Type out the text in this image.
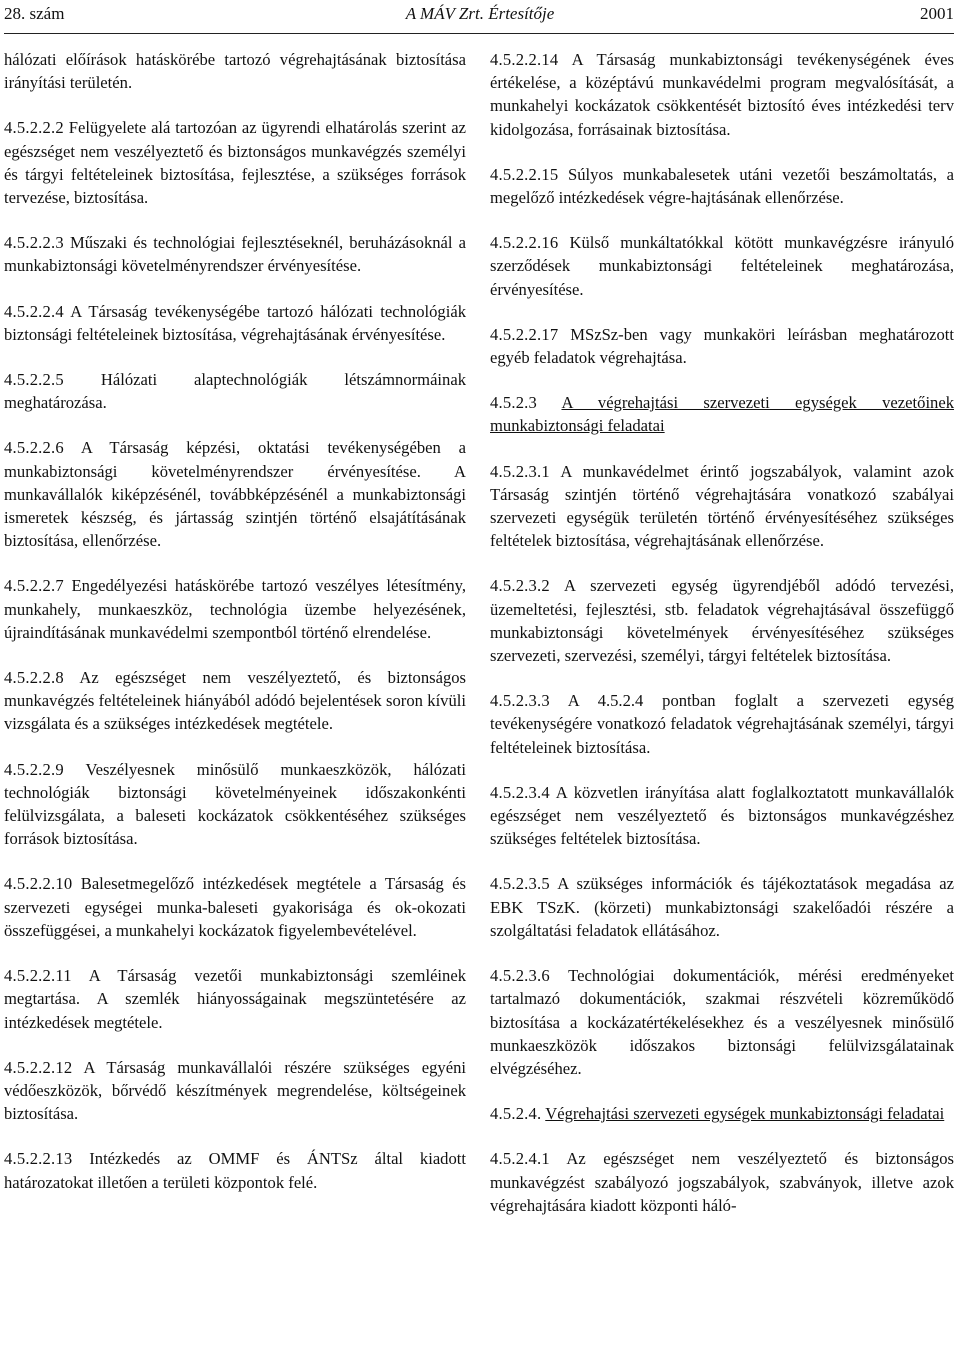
28. szám	A MÁV Zrt. Értesítője	2001

hálózati előírások hatáskörébe tartozó végrehajtásának biztosítása irányítási területén.

4.5.2.2.2 Felügyelete alá tartozóan az ügyrendi elhatárolás szerint az egészséget nem veszélyeztető és biztonságos munkavégzés személyi és tárgyi feltételeinek biztosítása, fejlesztése, a szükséges források tervezése, biztosítása.

4.5.2.2.3 Műszaki és technológiai fejlesztéseknél, beruházásoknál a munkabiztonsági követelményrendszer érvényesítése.

4.5.2.2.4 A Társaság tevékenységébe tartozó hálózati technológiák biztonsági feltételeinek biztosítása, végrehajtásának érvényesítése.

4.5.2.2.5 Hálózati alaptechnológiák létszámnormáinak meghatározása.

4.5.2.2.6 A Társaság képzési, oktatási tevékenységében a munkabiztonsági követelményrendszer érvényesítése. A munkavállalók kiképzésénél, továbbképzésénél a munkabiztonsági ismeretek készség, és jártasság szintjén történő elsajátításának biztosítása, ellenőrzése.

4.5.2.2.7 Engedélyezési hatáskörébe tartozó veszélyes létesítmény, munkahely, munkaeszköz, technológia üzembe helyezésének, újraindításának munkavédelmi szempontból történő elrendelése.

4.5.2.2.8 Az egészséget nem veszélyeztető, és biztonságos munkavégzés feltételeinek hiányából adódó bejelentések soron kívüli vizsgálata és a szükséges intézkedések megtétele.

4.5.2.2.9 Veszélyesnek minősülő munkaeszközök, hálózati technológiák biztonsági követelményeinek időszakonkénti felülvizsgálata, a baleseti kockázatok csökkentéséhez szükséges források biztosítása.

4.5.2.2.10 Balesetmegelőző intézkedések megtétele a Társaság és szervezeti egységei munka-baleseti gyakorisága és ok-okozati összefüggései, a munkahelyi kockázatok figyelembevételével.

4.5.2.2.11 A Társaság vezetői munkabiztonsági szemléinek megtartása. A szemlék hiányosságainak megszüntetésére az intézkedések megtétele.

4.5.2.2.12 A Társaság munkavállalói részére szükséges egyéni védőeszközök, bőrvédő készítmények megrendelése, költségeinek biztosítása.

4.5.2.2.13 Intézkedés az OMMF és ÁNTSz által kiadott határozatokat illetően a területi központok felé.

4.5.2.2.14 A Társaság munkabiztonsági tevékenységének éves értékelése, a középtávú munkavédelmi program megvalósítását, a munkahelyi kockázatok csökkentését biztosító éves intézkedési terv kidolgozása, forrásainak biztosítása.

4.5.2.2.15 Súlyos munkabalesetek utáni vezetői beszámoltatás, a megelőző intézkedések végre-hajtásának ellenőrzése.

4.5.2.2.16 Külső munkáltatókkal kötött munkavégzésre irányuló szerződések munkabiztonsági feltételeinek meghatározása, érvényesítése.

4.5.2.2.17 MSzSz-ben vagy munkaköri leírásban meghatározott egyéb feladatok végrehajtása.

4.5.2.3 A végrehajtási szervezeti egységek vezetőinek munkabiztonsági feladatai

4.5.2.3.1 A munkavédelmet érintő jogszabályok, valamint azok Társaság szintjén történő végrehajtására vonatkozó szabályai szervezeti egységük területén történő érvényesítéséhez szükséges feltételek biztosítása, végrehajtásának ellenőrzése.

4.5.2.3.2 A szervezeti egység ügyrendjéből adódó tervezési, üzemeltetési, fejlesztési, stb. feladatok végrehajtásával összefüggő munkabiztonsági követelmények érvényesítéséhez szükséges szervezeti, szervezési, személyi, tárgyi feltételek biztosítása.

4.5.2.3.3 A 4.5.2.4 pontban foglalt a szervezeti egység tevékenységére vonatkozó feladatok végrehajtásának személyi, tárgyi feltételeinek biztosítása.

4.5.2.3.4 A közvetlen irányítása alatt foglalkoztatott munkavállalók egészséget nem veszélyeztető és biztonságos munkavégzéshez szükséges feltételek biztosítása.

4.5.2.3.5 A szükséges információk és tájékoztatások megadása az EBK TSzK. (körzeti) munkabiztonsági szakelőadói részére a szolgáltatási feladatok ellátásához.

4.5.2.3.6 Technológiai dokumentációk, mérési eredményeket tartalmazó dokumentációk, szakmai részvételi közreműködő biztosítása a kockázatértékelésekhez és a veszélyesnek minősülő munkaeszközök időszakos biztonsági felülvizsgálatainak elvégzéséhez.

4.5.2.4. Végrehajtási szervezeti egységek munkabiztonsági feladatai

4.5.2.4.1 Az egészséget nem veszélyeztető és biztonságos munkavégzést szabályozó jogszabályok, szabványok, illetve azok végrehajtására kiadott központi háló-
